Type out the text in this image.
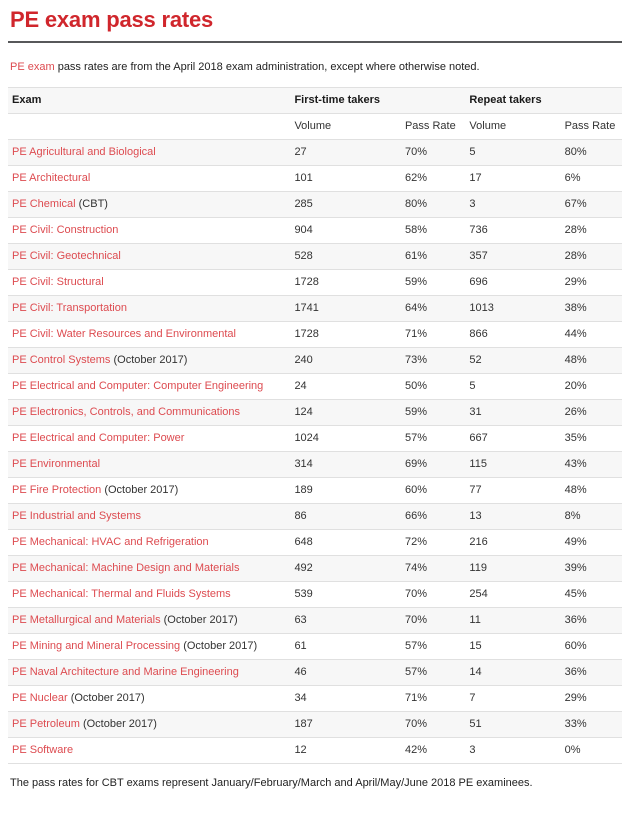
PE exam pass rates

PE exam pass rates are from the April 2018 exam administration, except where otherwise noted.

Exam	First-time takers		Repeat takers	
	Volume	Pass Rate	Volume	Pass Rate
PE Agricultural and Biological	27	70%	5	80%
PE Architectural	101	62%	17	6%
PE Chemical (CBT)	285	80%	3	67%
PE Civil: Construction	904	58%	736	28%
PE Civil: Geotechnical	528	61%	357	28%
PE Civil: Structural	1728	59%	696	29%
PE Civil: Transportation	1741	64%	1013	38%
PE Civil: Water Resources and Environmental	1728	71%	866	44%
PE Control Systems (October 2017)	240	73%	52	48%
PE Electrical and Computer: Computer Engineering	24	50%	5	20%
PE Electronics, Controls, and Communications	124	59%	31	26%
PE Electrical and Computer: Power	1024	57%	667	35%
PE Environmental	314	69%	115	43%
PE Fire Protection (October 2017)	189	60%	77	48%
PE Industrial and Systems	86	66%	13	8%
PE Mechanical: HVAC and Refrigeration	648	72%	216	49%
PE Mechanical: Machine Design and Materials	492	74%	119	39%
PE Mechanical: Thermal and Fluids Systems	539	70%	254	45%
PE Metallurgical and Materials (October 2017)	63	70%	11	36%
PE Mining and Mineral Processing (October 2017)	61	57%	15	60%
PE Naval Architecture and Marine Engineering	46	57%	14	36%
PE Nuclear (October 2017)	34	71%	7	29%
PE Petroleum (October 2017)	187	70%	51	33%
PE Software	12	42%	3	0%

The pass rates for CBT exams represent January/February/March and April/May/June 2018 PE examinees.
